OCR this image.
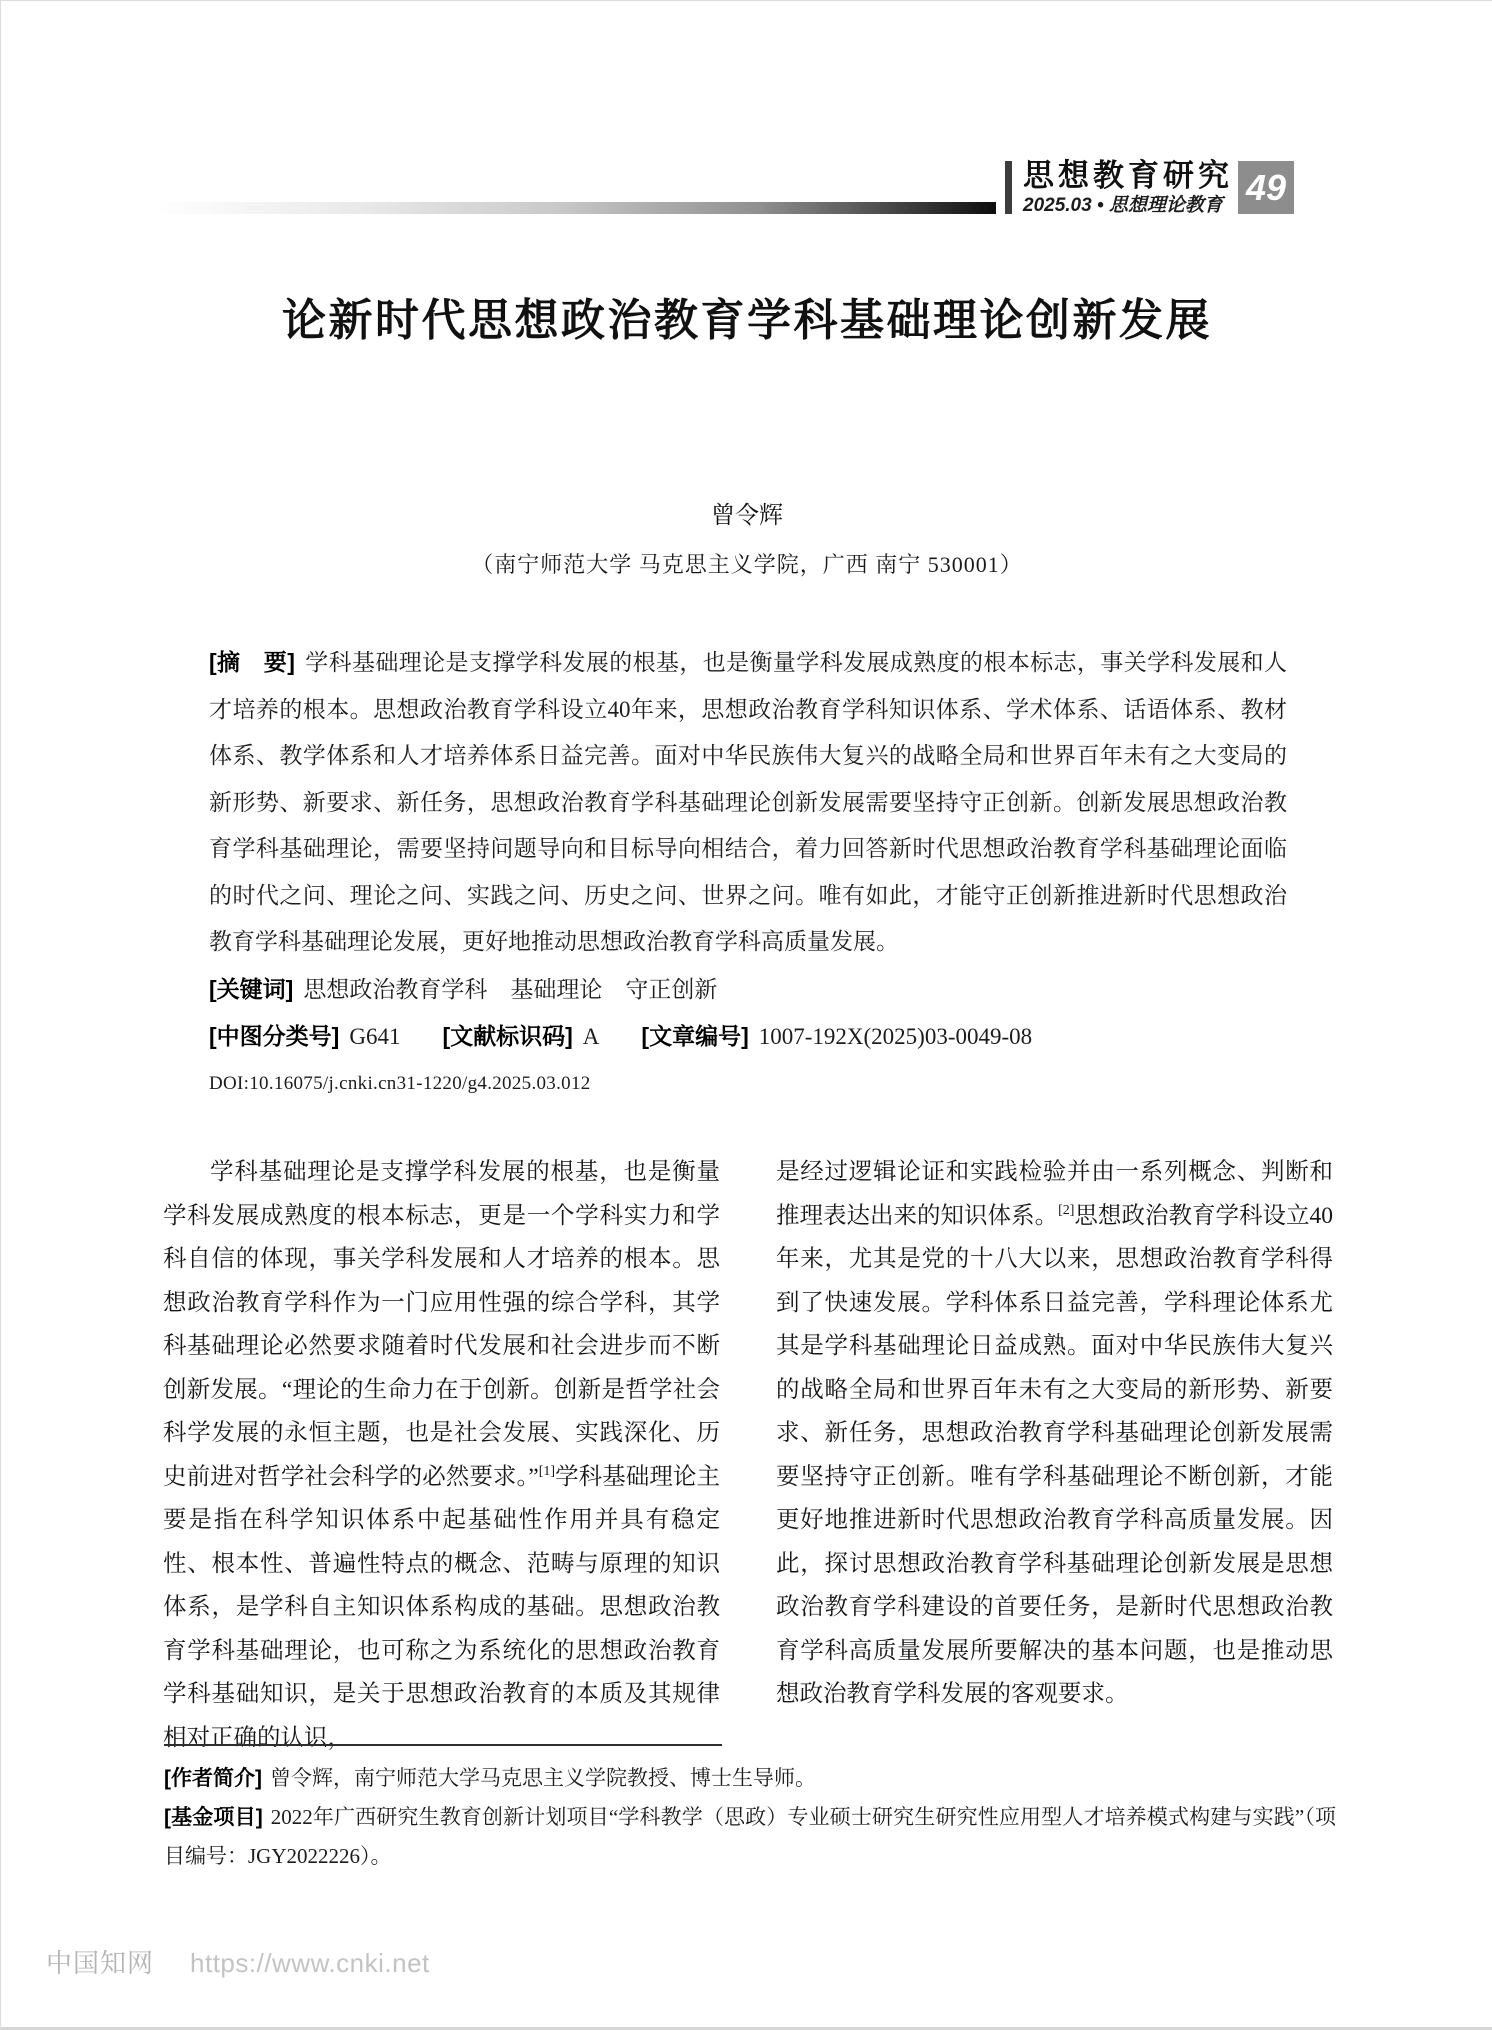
思想教育研究
2025.03 • 思想理论教育 49
论新时代思想政治教育学科基础理论创新发展
曾令辉
（南宁师范大学 马克思主义学院，广西 南宁 530001）

[摘　要] 学科基础理论是支撑学科发展的根基，也是衡量学科发展成熟度的根本标志，事关学科发展和人才培养的根本。思想政治教育学科设立40年来，思想政治教育学科知识体系、学术体系、话语体系、教材体系、教学体系和人才培养体系日益完善。面对中华民族伟大复兴的战略全局和世界百年未有之大变局的新形势、新要求、新任务，思想政治教育学科基础理论创新发展需要坚持守正创新。创新发展思想政治教育学科基础理论，需要坚持问题导向和目标导向相结合，着力回答新时代思想政治教育学科基础理论面临的时代之问、理论之问、实践之问、历史之问、世界之问。唯有如此，才能守正创新推进新时代思想政治教育学科基础理论发展，更好地推动思想政治教育学科高质量发展。

[关键词] 思想政治教育学科　基础理论　守正创新

[中图分类号] G641 [文献标识码] A [文章编号] 1007-192X(2025)03-0049-08

DOI:10.16075/j.cnki.cn31-1220/g4.2025.03.012

学科基础理论是支撑学科发展的根基，也是衡量学科发展成熟度的根本标志，更是一个学科实力和学科自信的体现，事关学科发展和人才培养的根本。思想政治教育学科作为一门应用性强的综合学科，其学科基础理论必然要求随着时代发展和社会进步而不断创新发展。“理论的生命力在于创新。创新是哲学社会科学发展的永恒主题，也是社会发展、实践深化、历史前进对哲学社会科学的必然要求。”[1]学科基础理论主要是指在科学知识体系中起基础性作用并具有稳定性、根本性、普遍性特点的概念、范畴与原理的知识体系，是学科自主知识体系构成的基础。思想政治教育学科基础理论，也可称之为系统化的思想政治教育学科基础知识，是关于思想政治教育的本质及其规律相对正确的认识，

是经过逻辑论证和实践检验并由一系列概念、判断和推理表达出来的知识体系。[2]思想政治教育学科设立40年来，尤其是党的十八大以来，思想政治教育学科得到了快速发展。学科体系日益完善，学科理论体系尤其是学科基础理论日益成熟。面对中华民族伟大复兴的战略全局和世界百年未有之大变局的新形势、新要求、新任务，思想政治教育学科基础理论创新发展需要坚持守正创新。唯有学科基础理论不断创新，才能更好地推进新时代思想政治教育学科高质量发展。因此，探讨思想政治教育学科基础理论创新发展是思想政治教育学科建设的首要任务，是新时代思想政治教育学科高质量发展所要解决的基本问题，也是推动思想政治教育学科发展的客观要求。

[作者简介] 曾令辉，南宁师范大学马克思主义学院教授、博士生导师。

[基金项目] 2022年广西研究生教育创新计划项目“学科教学（思政）专业硕士研究生研究性应用型人才培养模式构建与实践”（项目编号：JGY2022226）。

中国知网 https://www.cnki.net
